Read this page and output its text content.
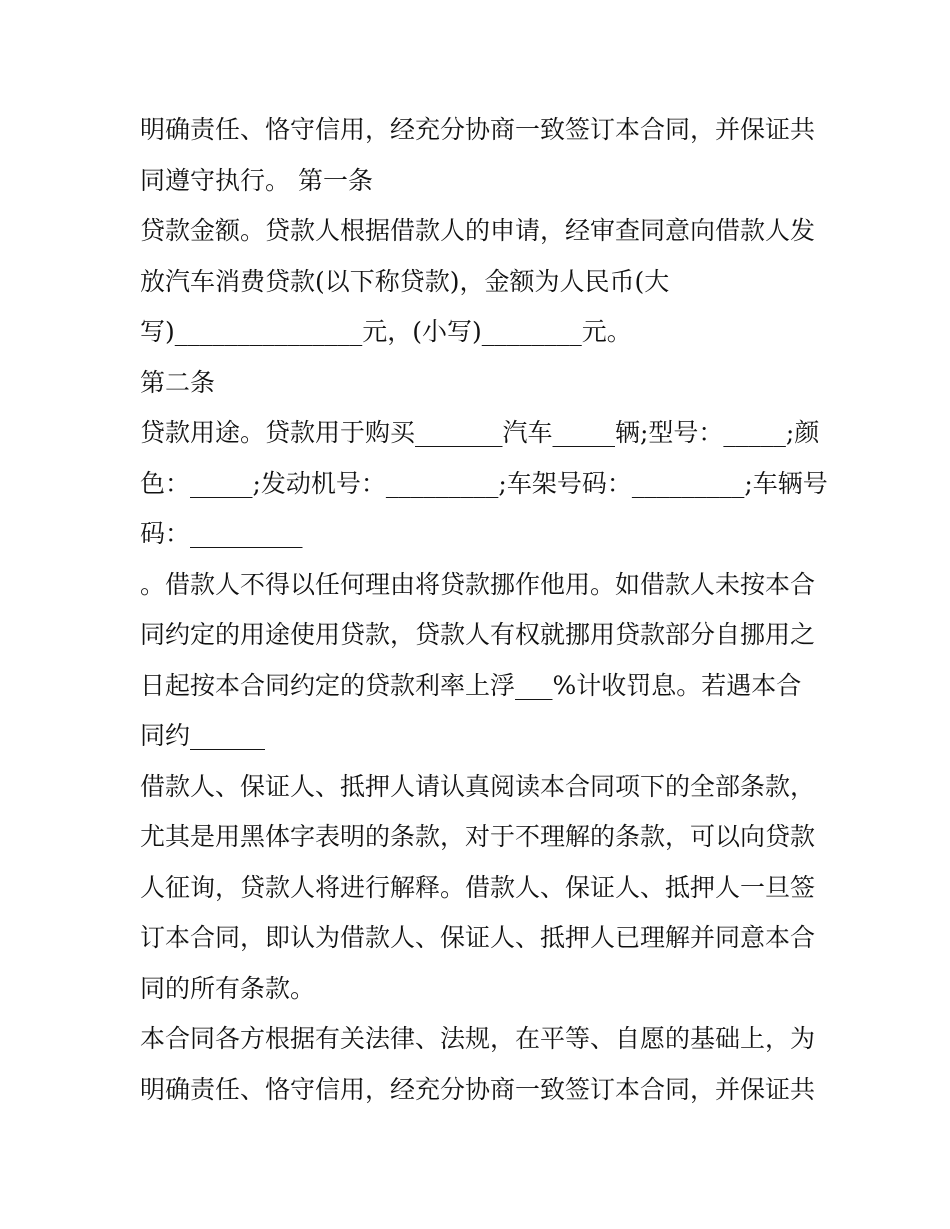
明确责任、恪守信用，经充分协商一致签订本合同，并保证共
同遵守执行。 第一条
贷款金额。贷款人根据借款人的申请，经审查同意向借款人发
放汽车消费贷款(以下称贷款)，金额为人民币(大
写)_______________元，(小写)________元。
第二条
贷款用途。贷款用于购买_______汽车_____辆;型号：_____;颜
色：_____;发动机号：_________;车架号码：_________;车辆号
码：_________
。借款人不得以任何理由将贷款挪作他用。如借款人未按本合
同约定的用途使用贷款，贷款人有权就挪用贷款部分自挪用之
日起按本合同约定的贷款利率上浮___%计收罚息。若遇本合
同约______
借款人、保证人、抵押人请认真阅读本合同项下的全部条款，
尤其是用黑体字表明的条款，对于不理解的条款，可以向贷款
人征询，贷款人将进行解释。借款人、保证人、抵押人一旦签
订本合同，即认为借款人、保证人、抵押人已理解并同意本合
同的所有条款。
本合同各方根据有关法律、法规，在平等、自愿的基础上，为
明确责任、恪守信用，经充分协商一致签订本合同，并保证共
